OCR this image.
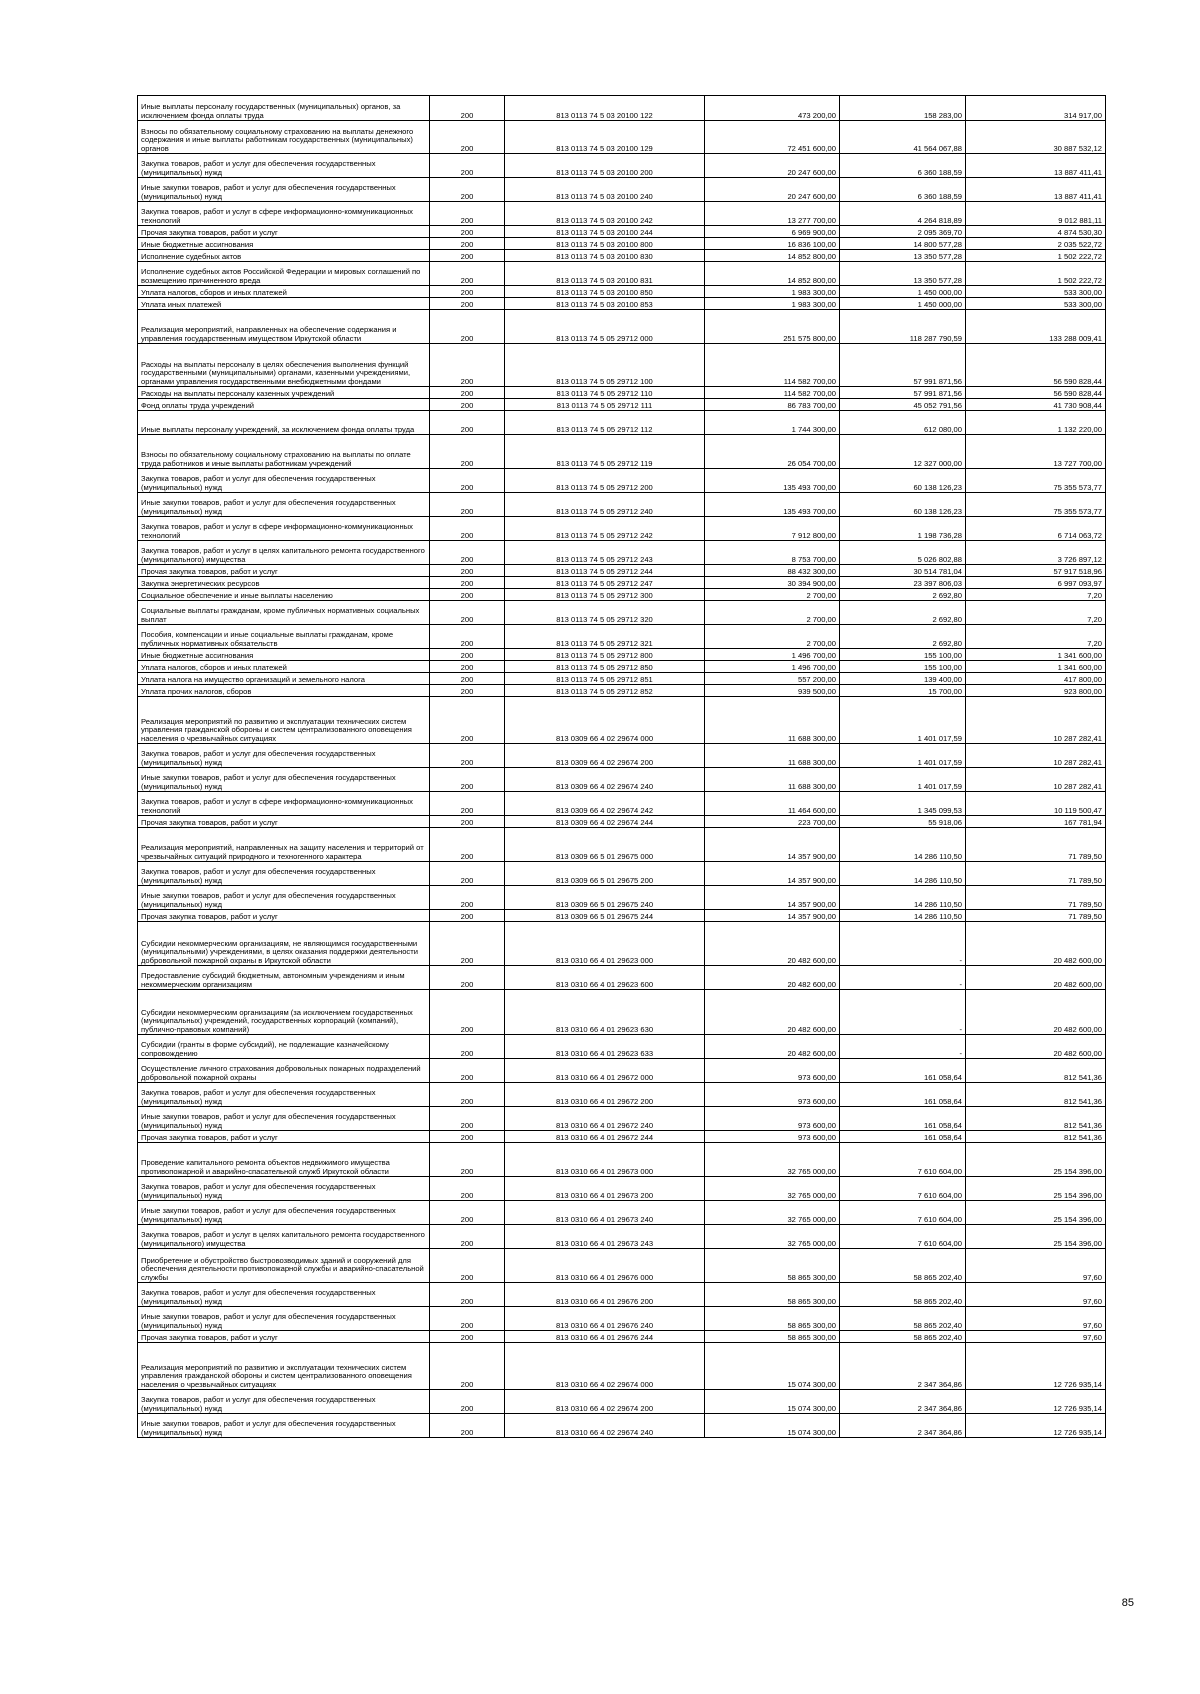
Иные выплаты персоналу государственных (муниципальных) органов, за исключением фонда оплаты труда	200	813 0113 74 5 03 20100 122	473 200,00	158 283,00	314 917,00
Взносы по обязательному социальному страхованию на выплаты денежного содержания и иные выплаты работникам государственных (муниципальных) органов	200	813 0113 74 5 03 20100 129	72 451 600,00	41 564 067,88	30 887 532,12
Закупка товаров, работ и услуг для обеспечения государственных (муниципальных) нужд	200	813 0113 74 5 03 20100 200	20 247 600,00	6 360 188,59	13 887 411,41
Иные закупки товаров, работ и услуг для обеспечения государственных (муниципальных) нужд	200	813 0113 74 5 03 20100 240	20 247 600,00	6 360 188,59	13 887 411,41
Закупка товаров, работ и услуг в сфере информационно-коммуникационных технологий	200	813 0113 74 5 03 20100 242	13 277 700,00	4 264 818,89	9 012 881,11
Прочая закупка товаров, работ и услуг	200	813 0113 74 5 03 20100 244	6 969 900,00	2 095 369,70	4 874 530,30
Иные бюджетные ассигнования	200	813 0113 74 5 03 20100 800	16 836 100,00	14 800 577,28	2 035 522,72
Исполнение судебных актов	200	813 0113 74 5 03 20100 830	14 852 800,00	13 350 577,28	1 502 222,72
Исполнение судебных актов Российской Федерации и мировых соглашений по возмещению причиненного вреда	200	813 0113 74 5 03 20100 831	14 852 800,00	13 350 577,28	1 502 222,72
Уплата налогов, сборов и иных платежей	200	813 0113 74 5 03 20100 850	1 983 300,00	1 450 000,00	533 300,00
Уплата иных платежей	200	813 0113 74 5 03 20100 853	1 983 300,00	1 450 000,00	533 300,00
Реализация мероприятий, направленных на обеспечение содержания и управления государственным имуществом Иркутской области	200	813 0113 74 5 05 29712 000	251 575 800,00	118 287 790,59	133 288 009,41
Расходы на выплаты персоналу в целях обеспечения выполнения функций государственными (муниципальными) органами, казенными учреждениями, органами управления государственными внебюджетными фондами	200	813 0113 74 5 05 29712 100	114 582 700,00	57 991 871,56	56 590 828,44
Расходы на выплаты персоналу казенных учреждений	200	813 0113 74 5 05 29712 110	114 582 700,00	57 991 871,56	56 590 828,44
Фонд оплаты труда учреждений	200	813 0113 74 5 05 29712 111	86 783 700,00	45 052 791,56	41 730 908,44
Иные выплаты персоналу учреждений, за исключением фонда оплаты труда	200	813 0113 74 5 05 29712 112	1 744 300,00	612 080,00	1 132 220,00
Взносы по обязательному социальному страхованию на выплаты по оплате труда работников и иные выплаты работникам учреждений	200	813 0113 74 5 05 29712 119	26 054 700,00	12 327 000,00	13 727 700,00
Закупка товаров, работ и услуг для обеспечения государственных (муниципальных) нужд	200	813 0113 74 5 05 29712 200	135 493 700,00	60 138 126,23	75 355 573,77
Иные закупки товаров, работ и услуг для обеспечения государственных (муниципальных) нужд	200	813 0113 74 5 05 29712 240	135 493 700,00	60 138 126,23	75 355 573,77
Закупка товаров, работ и услуг в сфере информационно-коммуникационных технологий	200	813 0113 74 5 05 29712 242	7 912 800,00	1 198 736,28	6 714 063,72
Закупка товаров, работ и услуг в целях капитального ремонта государственного (муниципального) имущества	200	813 0113 74 5 05 29712 243	8 753 700,00	5 026 802,88	3 726 897,12
Прочая закупка товаров, работ и услуг	200	813 0113 74 5 05 29712 244	88 432 300,00	30 514 781,04	57 917 518,96
Закупка энергетических ресурсов	200	813 0113 74 5 05 29712 247	30 394 900,00	23 397 806,03	6 997 093,97
Социальное обеспечение и иные выплаты населению	200	813 0113 74 5 05 29712 300	2 700,00	2 692,80	7,20
Социальные выплаты гражданам, кроме публичных нормативных социальных выплат	200	813 0113 74 5 05 29712 320	2 700,00	2 692,80	7,20
Пособия, компенсации и иные социальные выплаты гражданам, кроме публичных нормативных обязательств	200	813 0113 74 5 05 29712 321	2 700,00	2 692,80	7,20
Иные бюджетные ассигнования	200	813 0113 74 5 05 29712 800	1 496 700,00	155 100,00	1 341 600,00
Уплата налогов, сборов и иных платежей	200	813 0113 74 5 05 29712 850	1 496 700,00	155 100,00	1 341 600,00
Уплата налога на имущество организаций и земельного налога	200	813 0113 74 5 05 29712 851	557 200,00	139 400,00	417 800,00
Уплата прочих налогов, сборов	200	813 0113 74 5 05 29712 852	939 500,00	15 700,00	923 800,00
Реализация мероприятий по развитию и эксплуатации технических систем управления гражданской обороны и систем централизованного оповещения населения о чрезвычайных ситуациях	200	813 0309 66 4 02 29674 000	11 688 300,00	1 401 017,59	10 287 282,41
Закупка товаров, работ и услуг для обеспечения государственных (муниципальных) нужд	200	813 0309 66 4 02 29674 200	11 688 300,00	1 401 017,59	10 287 282,41
Иные закупки товаров, работ и услуг для обеспечения государственных (муниципальных) нужд	200	813 0309 66 4 02 29674 240	11 688 300,00	1 401 017,59	10 287 282,41
Закупка товаров, работ и услуг в сфере информационно-коммуникационных технологий	200	813 0309 66 4 02 29674 242	11 464 600,00	1 345 099,53	10 119 500,47
Прочая закупка товаров, работ и услуг	200	813 0309 66 4 02 29674 244	223 700,00	55 918,06	167 781,94
Реализация мероприятий, направленных на защиту населения и территорий от чрезвычайных ситуаций природного и техногенного характера	200	813 0309 66 5 01 29675 000	14 357 900,00	14 286 110,50	71 789,50
Закупка товаров, работ и услуг для обеспечения государственных (муниципальных) нужд	200	813 0309 66 5 01 29675 200	14 357 900,00	14 286 110,50	71 789,50
Иные закупки товаров, работ и услуг для обеспечения государственных (муниципальных) нужд	200	813 0309 66 5 01 29675 240	14 357 900,00	14 286 110,50	71 789,50
Прочая закупка товаров, работ и услуг	200	813 0309 66 5 01 29675 244	14 357 900,00	14 286 110,50	71 789,50
Субсидии некоммерческим организациям, не являющимся государственными (муниципальными) учреждениями, в целях оказания поддержки деятельности добровольной пожарной охраны в Иркутской области	200	813 0310 66 4 01 29623 000	20 482 600,00	-	20 482 600,00
Предоставление субсидий бюджетным, автономным учреждениям и иным некоммерческим организациям	200	813 0310 66 4 01 29623 600	20 482 600,00	-	20 482 600,00
Субсидии некоммерческим организациям (за исключением государственных (муниципальных) учреждений, государственных корпораций (компаний), публично-правовых компаний)	200	813 0310 66 4 01 29623 630	20 482 600,00	-	20 482 600,00
Субсидии (гранты в форме субсидий), не подлежащие казначейскому сопровождению	200	813 0310 66 4 01 29623 633	20 482 600,00	-	20 482 600,00
Осуществление личного страхования добровольных пожарных подразделений добровольной пожарной охраны	200	813 0310 66 4 01 29672 000	973 600,00	161 058,64	812 541,36
Закупка товаров, работ и услуг для обеспечения государственных (муниципальных) нужд	200	813 0310 66 4 01 29672 200	973 600,00	161 058,64	812 541,36
Иные закупки товаров, работ и услуг для обеспечения государственных (муниципальных) нужд	200	813 0310 66 4 01 29672 240	973 600,00	161 058,64	812 541,36
Прочая закупка товаров, работ и услуг	200	813 0310 66 4 01 29672 244	973 600,00	161 058,64	812 541,36
Проведение капитального ремонта объектов недвижимого имущества противопожарной и аварийно-спасательной служб Иркутской области	200	813 0310 66 4 01 29673 000	32 765 000,00	7 610 604,00	25 154 396,00
Закупка товаров, работ и услуг для обеспечения государственных (муниципальных) нужд	200	813 0310 66 4 01 29673 200	32 765 000,00	7 610 604,00	25 154 396,00
Иные закупки товаров, работ и услуг для обеспечения государственных (муниципальных) нужд	200	813 0310 66 4 01 29673 240	32 765 000,00	7 610 604,00	25 154 396,00
Закупка товаров, работ и услуг в целях капитального ремонта государственного (муниципального) имущества	200	813 0310 66 4 01 29673 243	32 765 000,00	7 610 604,00	25 154 396,00
Приобретение и обустройство быстровозводимых зданий и сооружений для обеспечения деятельности противопожарной службы и аварийно-спасательной службы	200	813 0310 66 4 01 29676 000	58 865 300,00	58 865 202,40	97,60
Закупка товаров, работ и услуг для обеспечения государственных (муниципальных) нужд	200	813 0310 66 4 01 29676 200	58 865 300,00	58 865 202,40	97,60
Иные закупки товаров, работ и услуг для обеспечения государственных (муниципальных) нужд	200	813 0310 66 4 01 29676 240	58 865 300,00	58 865 202,40	97,60
Прочая закупка товаров, работ и услуг	200	813 0310 66 4 01 29676 244	58 865 300,00	58 865 202,40	97,60
Реализация мероприятий по развитию и эксплуатации технических систем управления гражданской обороны и систем централизованного оповещения населения о чрезвычайных ситуациях	200	813 0310 66 4 02 29674 000	15 074 300,00	2 347 364,86	12 726 935,14
Закупка товаров, работ и услуг для обеспечения государственных (муниципальных) нужд	200	813 0310 66 4 02 29674 200	15 074 300,00	2 347 364,86	12 726 935,14
Иные закупки товаров, работ и услуг для обеспечения государственных (муниципальных) нужд	200	813 0310 66 4 02 29674 240	15 074 300,00	2 347 364,86	12 726 935,14
85
